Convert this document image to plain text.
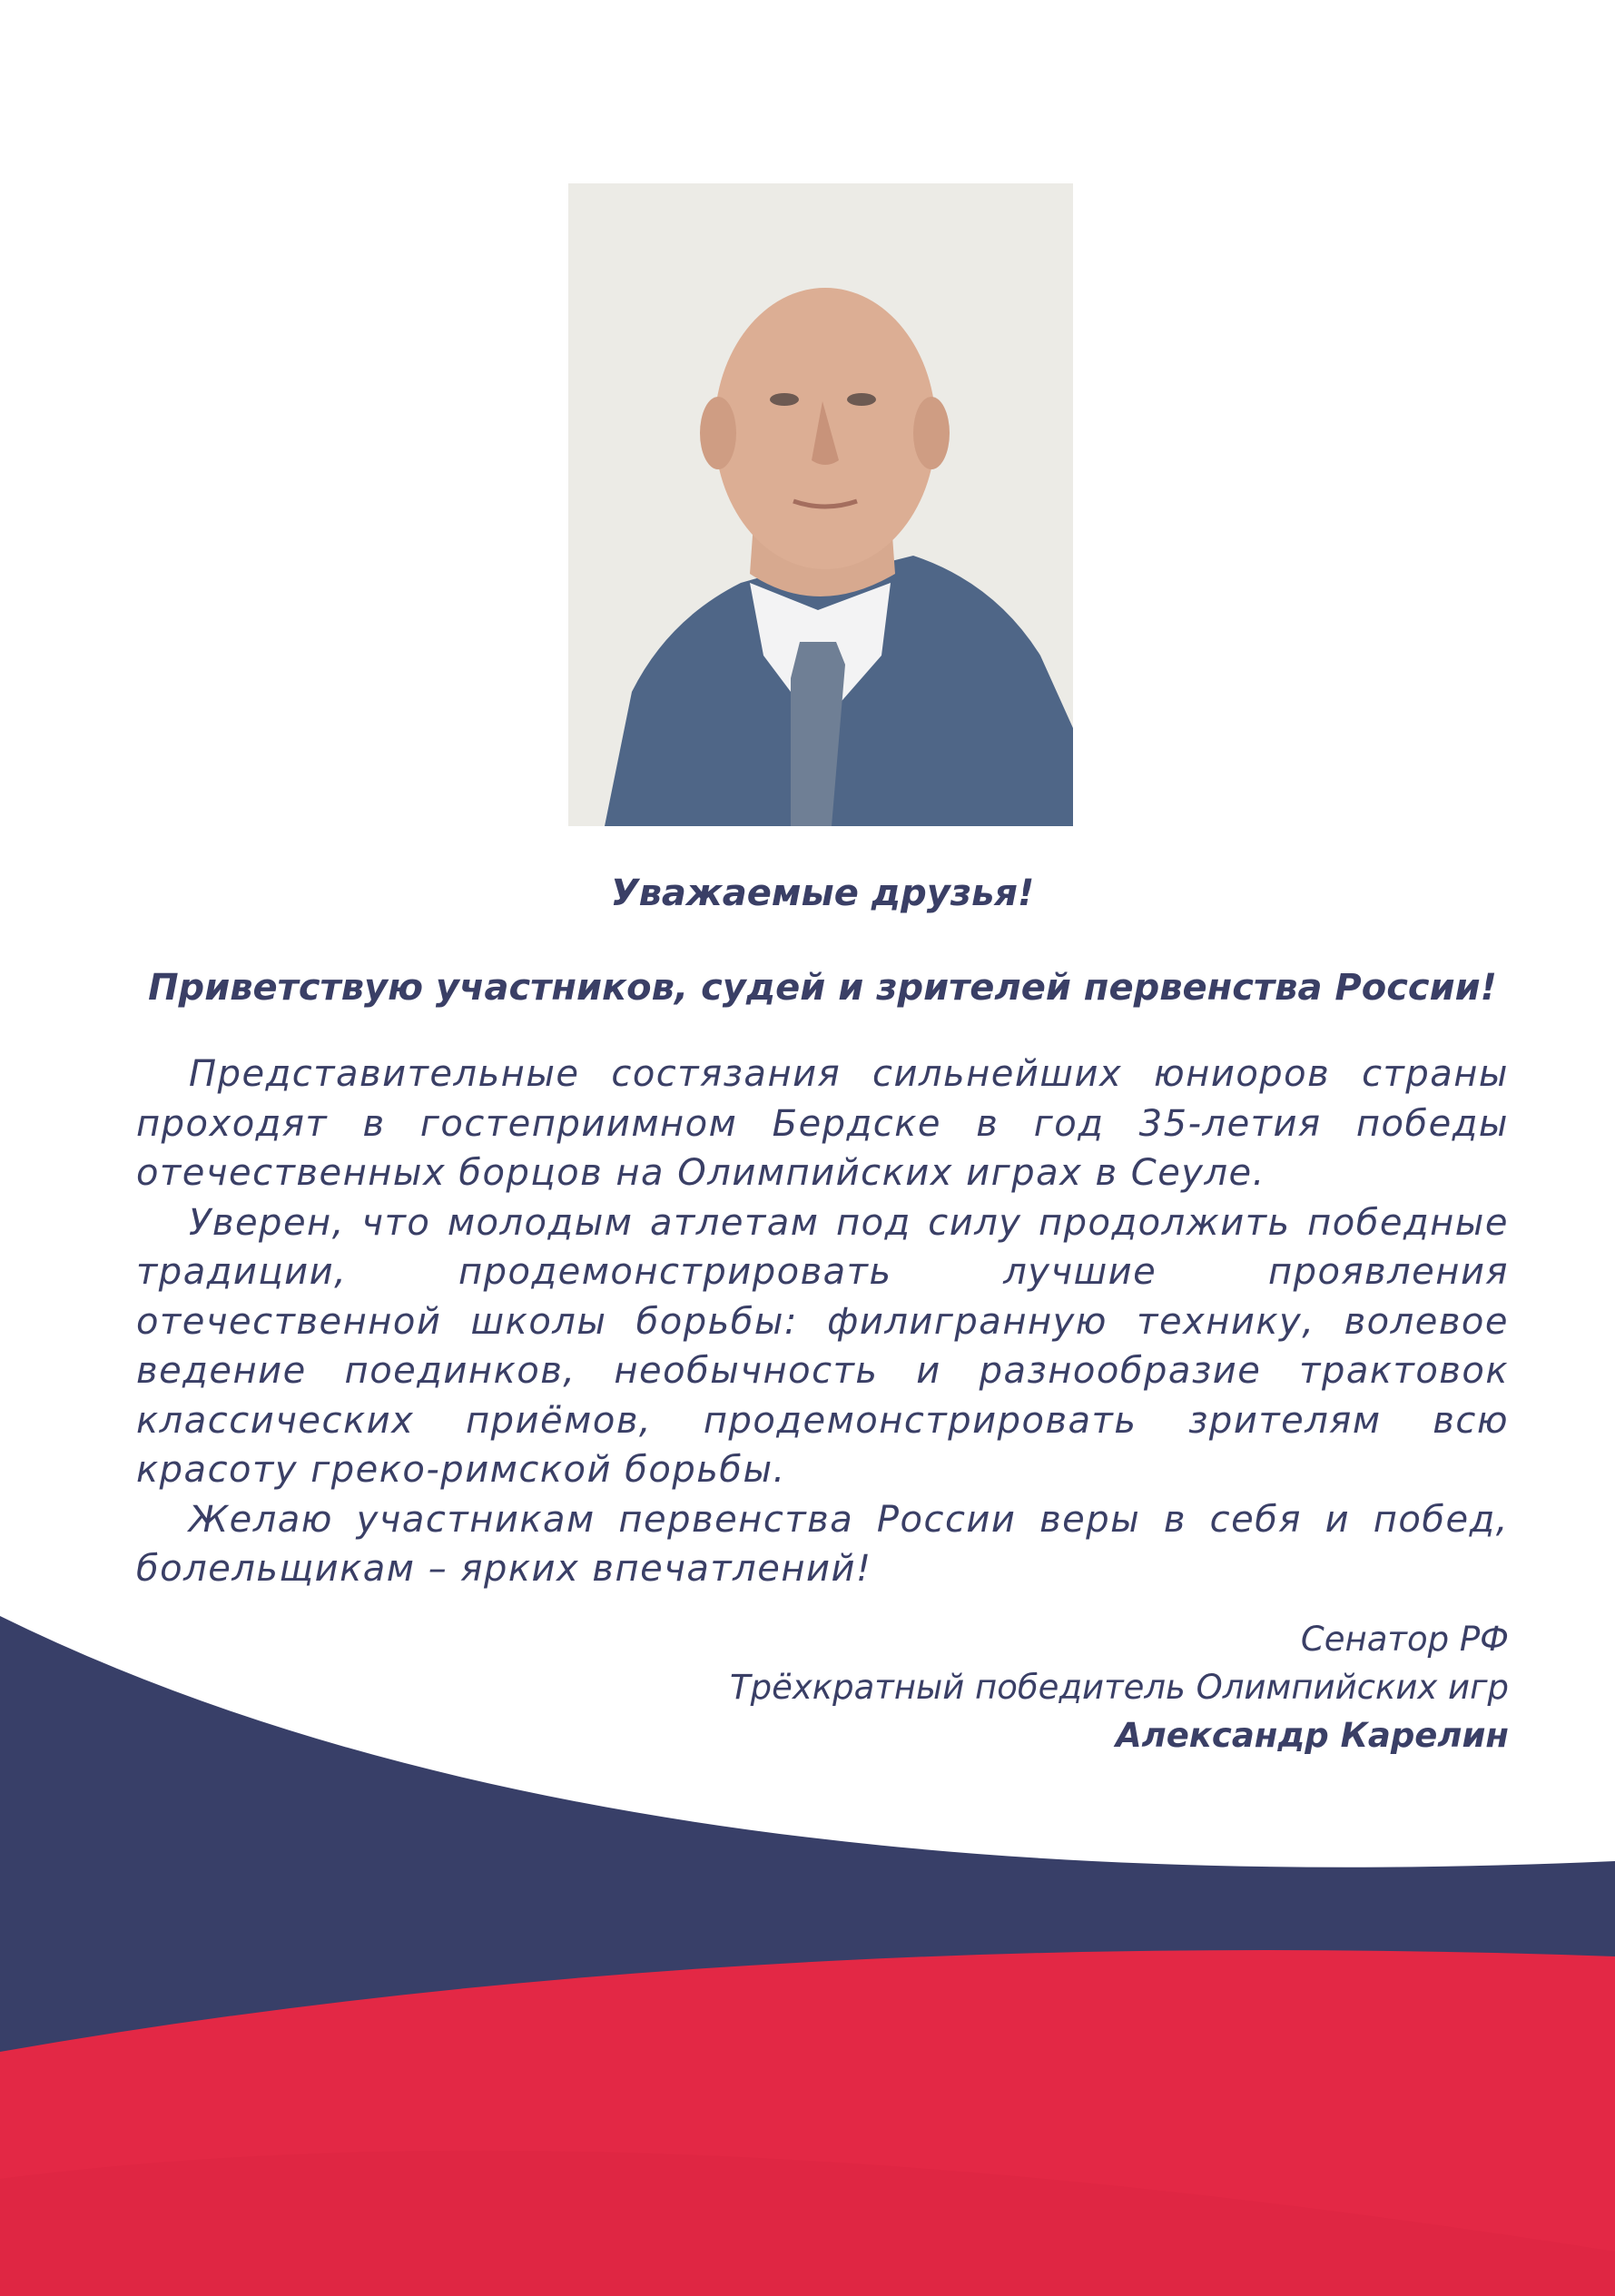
Уважаемые друзья!
Приветствую участников, судей и зрителей первенства России!

Представительные состязания сильнейших юниоров страны проходят в гостеприимном Бердске в год 35-летия победы отечественных борцов на Олимпийских играх в Сеуле.

Уверен, что молодым атлетам под силу продолжить победные традиции, продемонстрировать лучшие проявления отечественной школы борьбы: филигранную технику, волевое ведение поединков, необычность и разнообразие трактовок классических приёмов, продемонстрировать зрителям всю красоту греко-римской борьбы.

Желаю участникам первенства России веры в себя и побед, болельщикам – ярких впечатлений!

Сенатор РФ
Трёхкратный победитель Олимпийских игр
Александр Карелин
